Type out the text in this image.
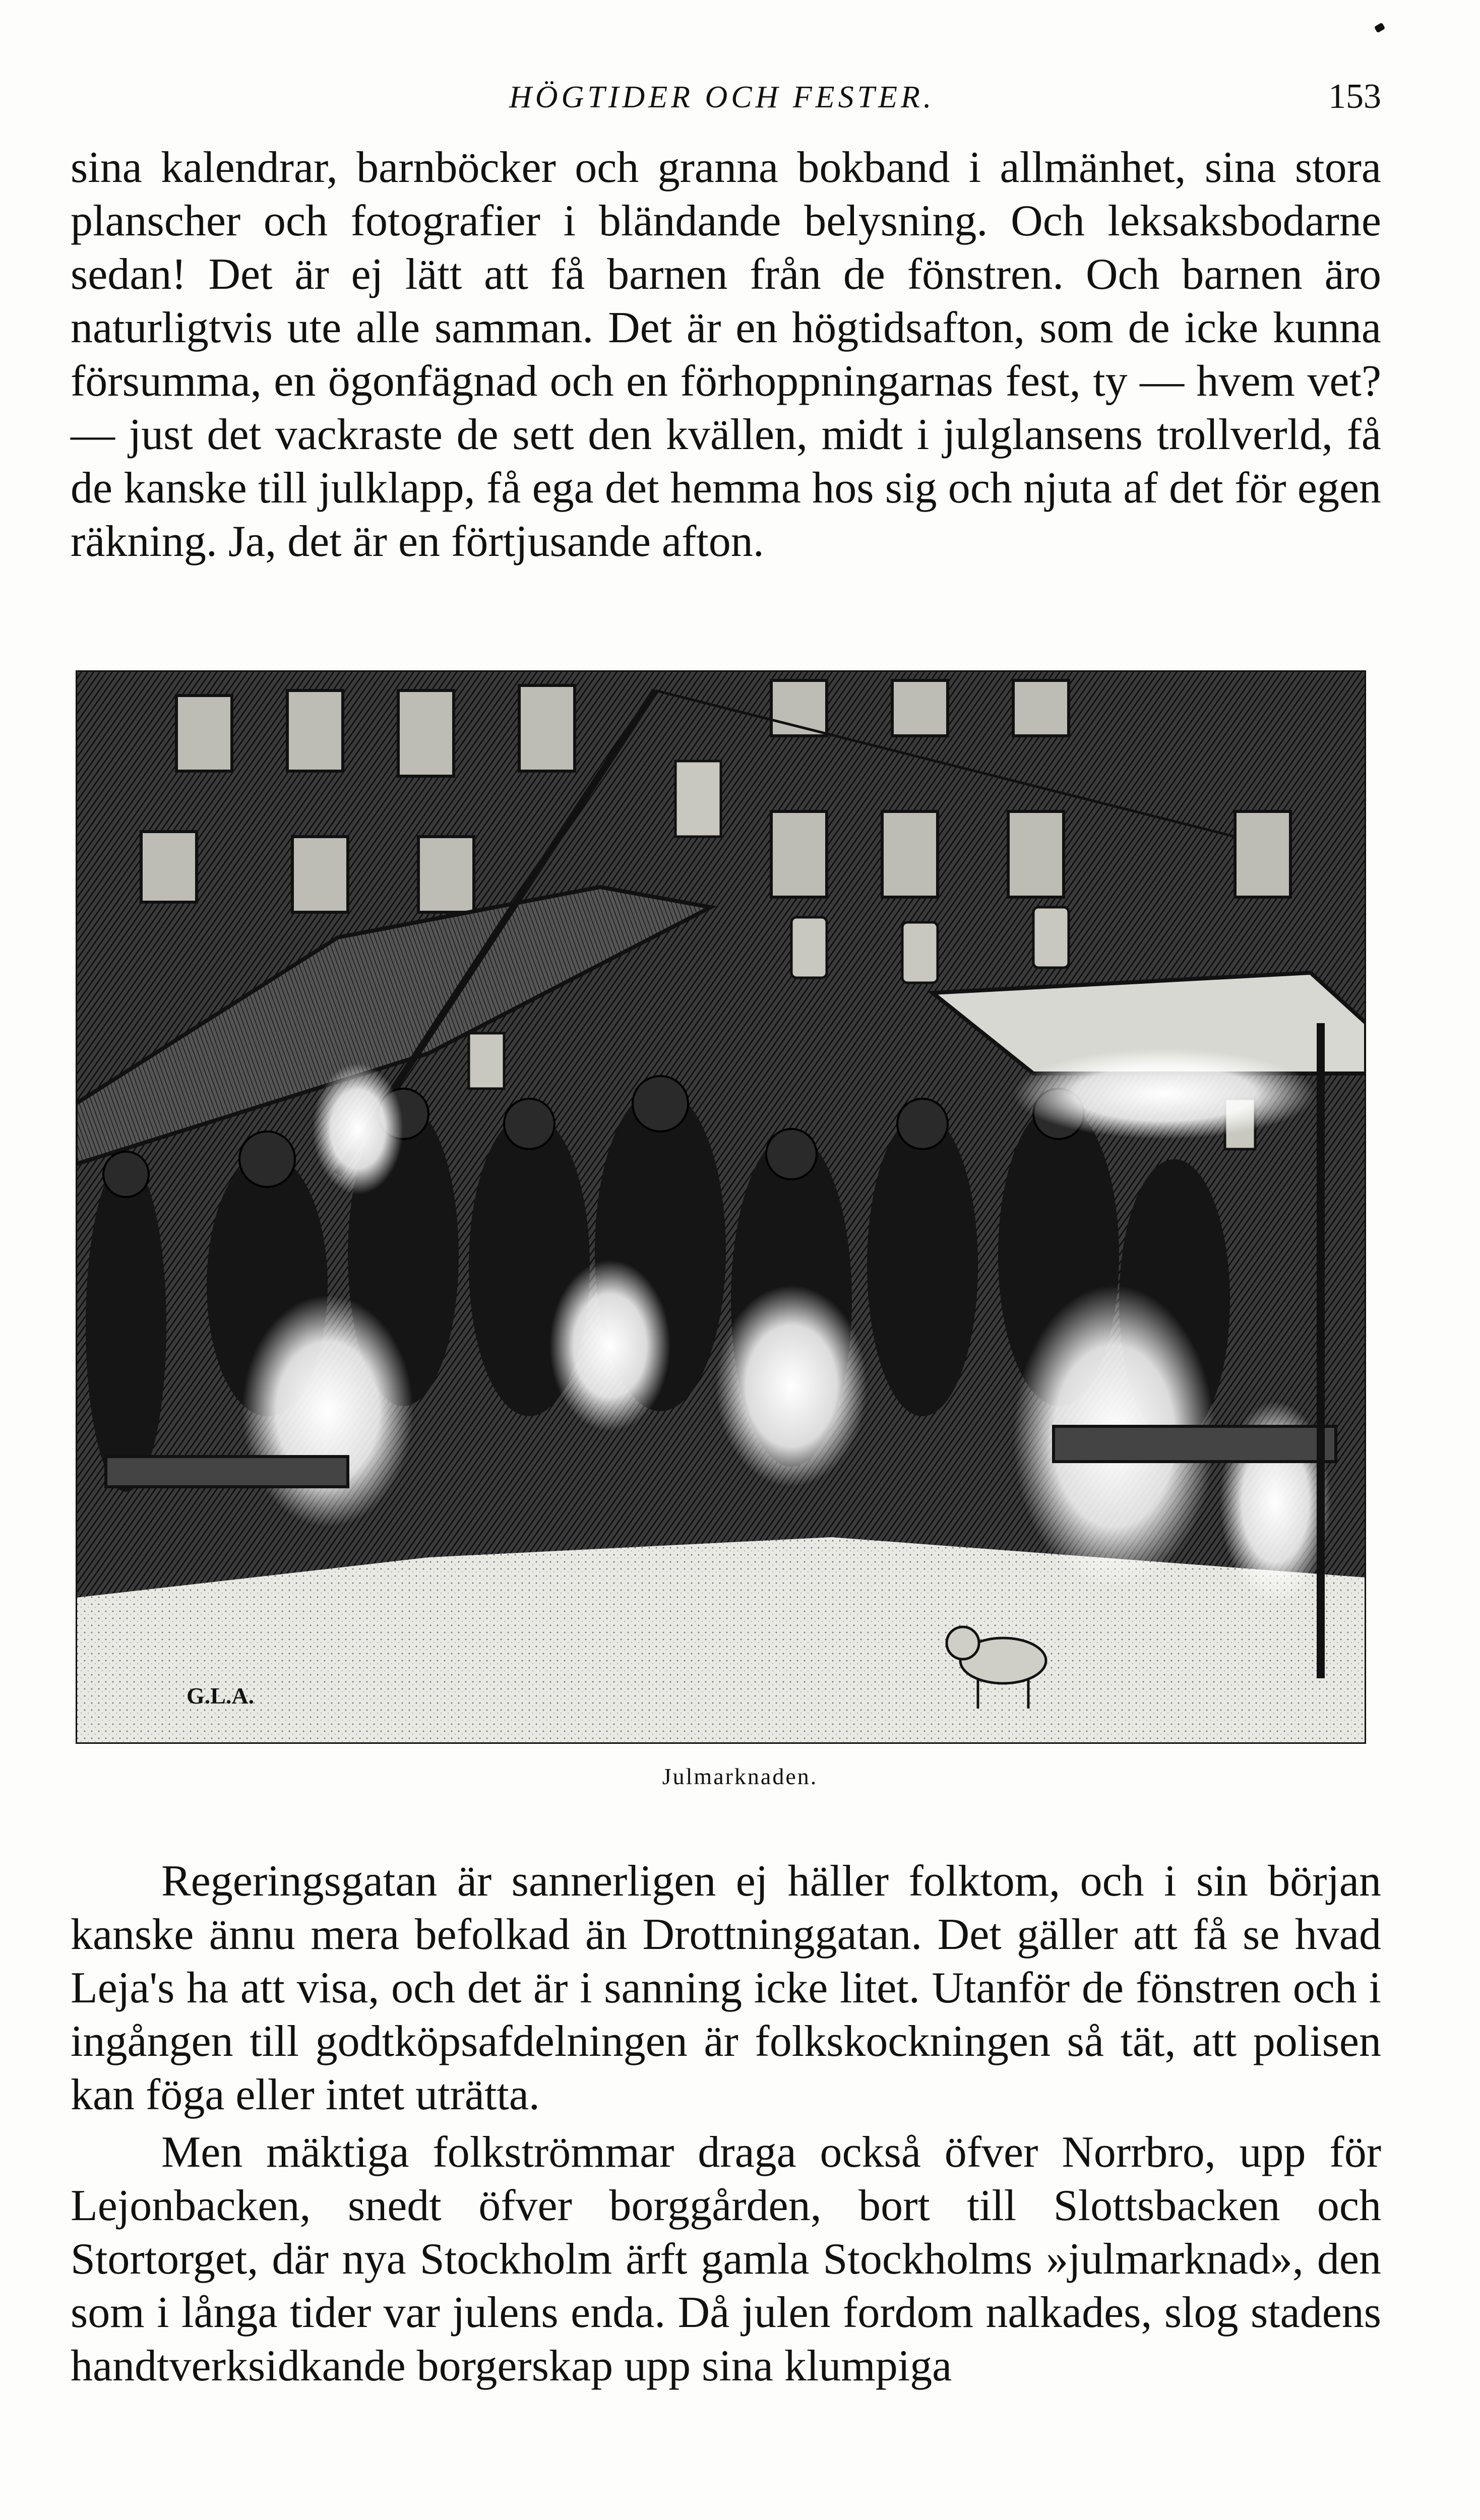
HÖGTIDER OCH FESTER.	153

sina kalendrar, barnböcker och granna bokband i allmänhet, sina stora planscher och fotografier i bländande belysning. Och leksaksbodarne sedan! Det är ej lätt att få barnen från de fönstren. Och barnen äro naturligtvis ute alle samman. Det är en högtidsafton, som de icke kunna försumma, en ögonfägnad och en förhoppningarnas fest, ty — hvem vet? — just det vackraste de sett den kvällen, midt i julglansens trollverld, få de kanske till julklapp, få ega det hemma hos sig och njuta af det för egen räkning. Ja, det är en förtjusande afton.

G.L.A.
Julmarknaden.

Regeringsgatan är sannerligen ej häller folktom, och i sin början kanske ännu mera befolkad än Drottninggatan. Det gäller att få se hvad Leja's ha att visa, och det är i sanning icke litet. Utanför de fönstren och i ingången till godtköpsafdelningen är folkskockningen så tät, att polisen kan föga eller intet uträtta.

Men mäktiga folkströmmar draga också öfver Norrbro, upp för Lejonbacken, snedt öfver borggården, bort till Slottsbacken och Stortorget, där nya Stockholm ärft gamla Stockholms »julmarknad», den som i långa tider var julens enda. Då julen fordom nalkades, slog stadens handtverksidkande borgerskap upp sina klumpiga
